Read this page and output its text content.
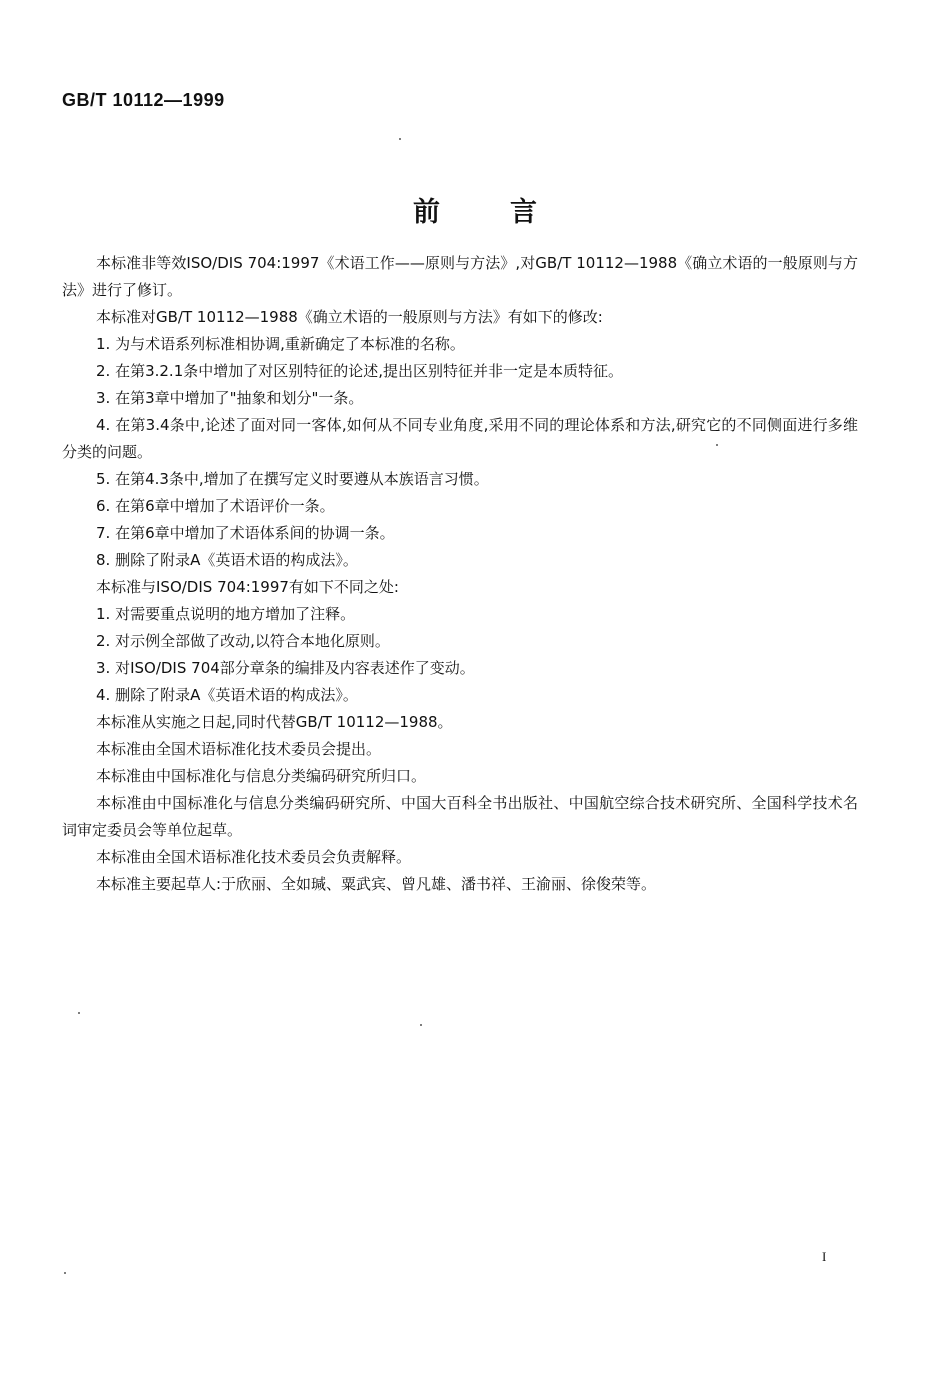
GB/T 10112—1999
前言

本标准非等效ISO/DIS 704:1997《术语工作——原则与方法》,对GB/T 10112—1988《确立术语的一般原则与方法》进行了修订。

本标准对GB/T 10112—1988《确立术语的一般原则与方法》有如下的修改:

1. 为与术语系列标准相协调,重新确定了本标准的名称。

2. 在第3.2.1条中增加了对区别特征的论述,提出区别特征并非一定是本质特征。

3. 在第3章中增加了"抽象和划分"一条。

4. 在第3.4条中,论述了面对同一客体,如何从不同专业角度,采用不同的理论体系和方法,研究它的不同侧面进行多维分类的问题。

5. 在第4.3条中,增加了在撰写定义时要遵从本族语言习惯。

6. 在第6章中增加了术语评价一条。

7. 在第6章中增加了术语体系间的协调一条。

8. 删除了附录A《英语术语的构成法》。

本标准与ISO/DIS 704:1997有如下不同之处:

1. 对需要重点说明的地方增加了注释。

2. 对示例全部做了改动,以符合本地化原则。

3. 对ISO/DIS 704部分章条的编排及内容表述作了变动。

4. 删除了附录A《英语术语的构成法》。

本标准从实施之日起,同时代替GB/T 10112—1988。

本标准由全国术语标准化技术委员会提出。

本标准由中国标准化与信息分类编码研究所归口。

本标准由中国标准化与信息分类编码研究所、中国大百科全书出版社、中国航空综合技术研究所、全国科学技术名词审定委员会等单位起草。

本标准由全国术语标准化技术委员会负责解释。

本标准主要起草人:于欣丽、全如瑊、粟武宾、曾凡雄、潘书祥、王渝丽、徐俊荣等。

I
